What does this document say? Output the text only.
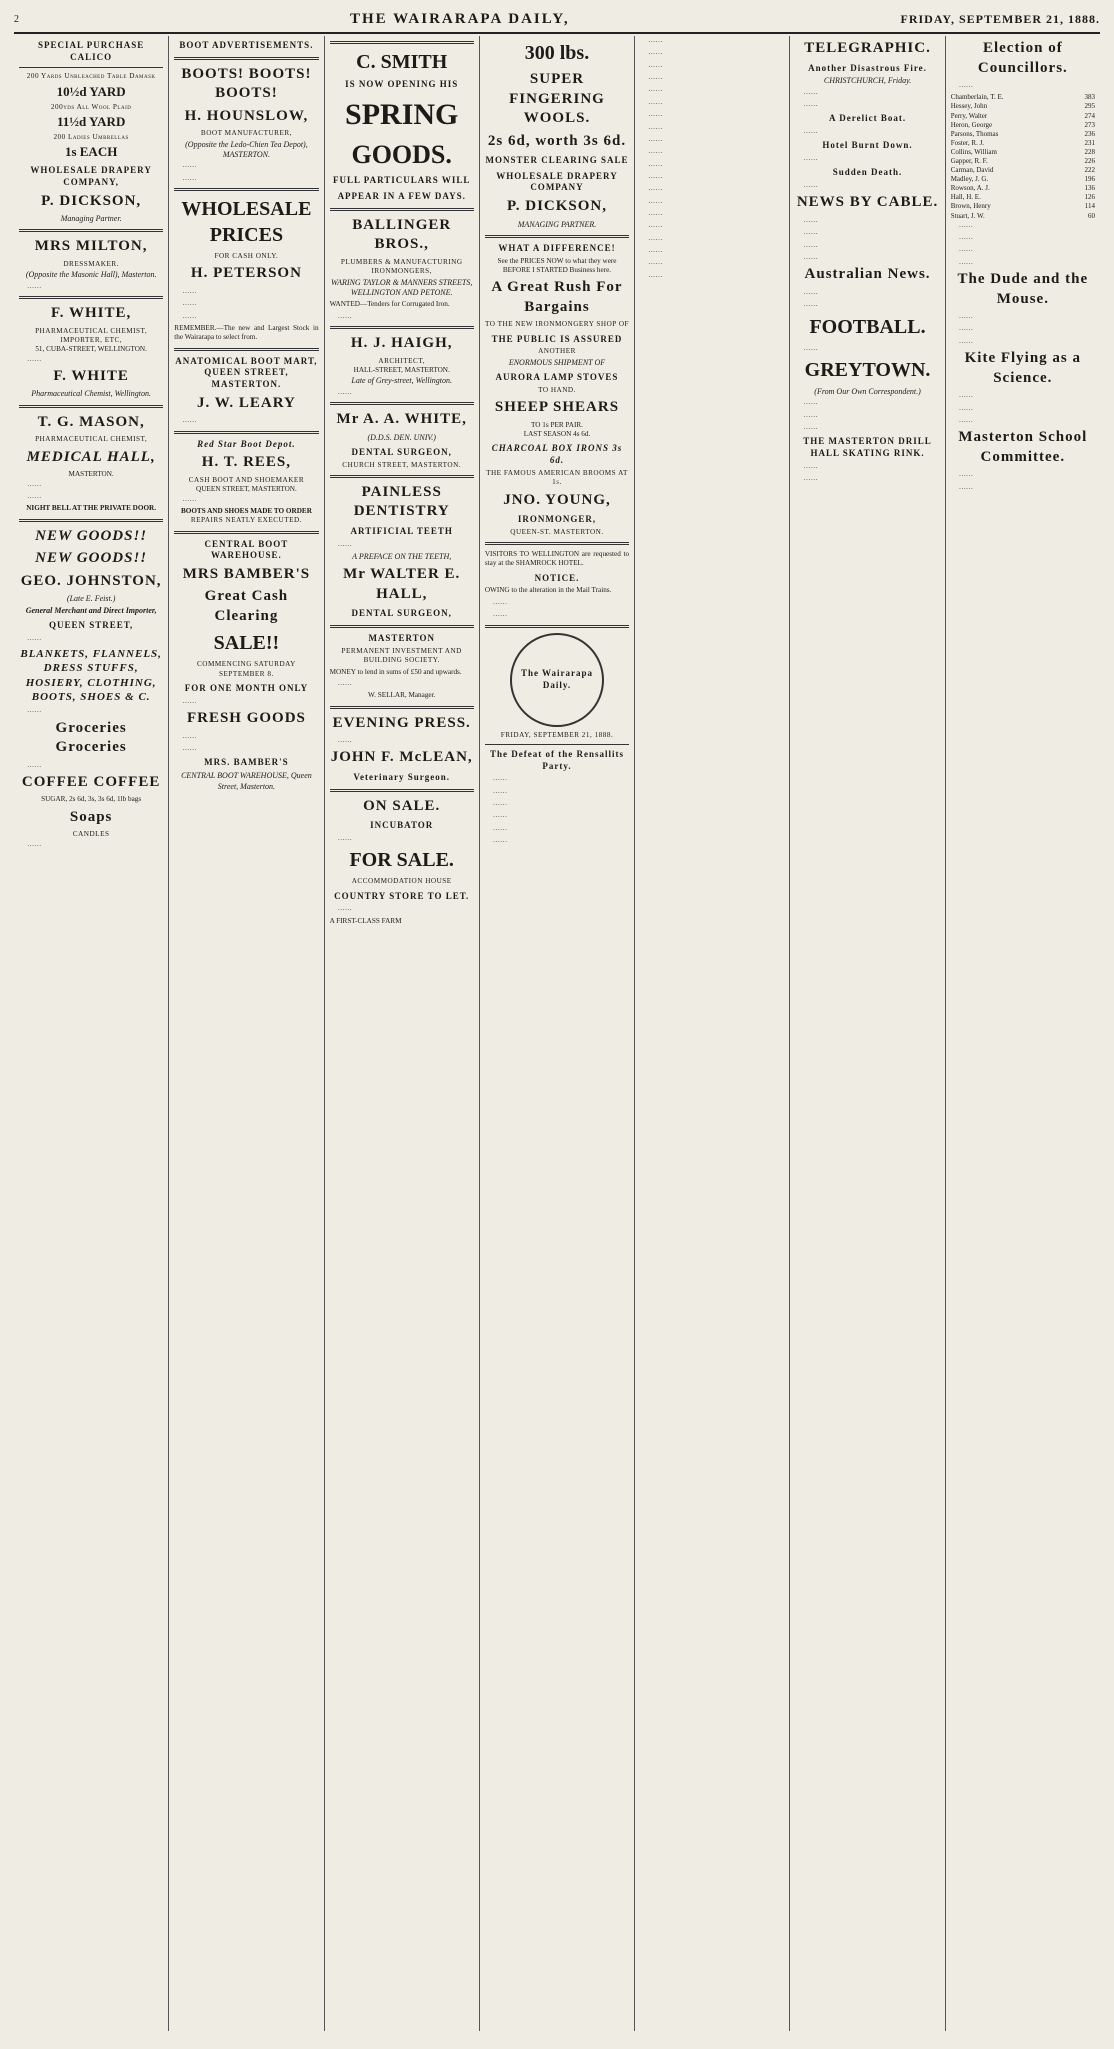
2	THE WAIRARAPA DAILY,	FRIDAY, SEPTEMBER 21, 1888.
SPECIAL PURCHASE CALICO
200 Yards Unbleached Table Damask
10½d YARD
200yds All Wool Plaid
11½d YARD
200 Ladies Umbrellas
1s EACH
WHOLESALE DRAPERY COMPANY,
P. DICKSON,
Managing Partner.
MRS MILTON,
DRESSMAKER.
(Opposite the Masonic Hall), Masterton.

……

F. WHITE,
PHARMACEUTICAL CHEMIST, IMPORTER, ETC,
51, CUBA-STREET, WELLINGTON.

……

F. WHITE
Pharmaceutical Chemist, Wellington.
T. G. MASON,
PHARMACEUTICAL CHEMIST,
MEDICAL HALL,
MASTERTON.

……

……

NIGHT BELL AT THE PRIVATE DOOR.
NEW GOODS!!
NEW GOODS!!
GEO. JOHNSTON,
(Late E. Feist.)
General Merchant and Direct Importer,
QUEEN STREET,

……

BLANKETS, FLANNELS, DRESS STUFFS, HOSIERY, CLOTHING, BOOTS, SHOES & C.

……

Groceries Groceries

……

COFFEE COFFEE
SUGAR, 2s 6d, 3s, 3s 6d, 1lb bags
Soaps
CANDLES

……

BOOT ADVERTISEMENTS.
BOOTS! BOOTS! BOOTS!
H. HOUNSLOW,
BOOT MANUFACTURER,
(Opposite the Ledo-Chien Tea Depot), MASTERTON.

……

……

WHOLESALE PRICES
FOR CASH ONLY.
H. PETERSON

……

……

……

REMEMBER.—The new and Largest Stock in the Wairarapa to select from.
ANATOMICAL BOOT MART, QUEEN STREET, MASTERTON.
J. W. LEARY

……

Red Star Boot Depot.
H. T. REES,
CASH BOOT AND SHOEMAKER
QUEEN STREET, MASTERTON.

……

BOOTS AND SHOES MADE TO ORDER
REPAIRS NEATLY EXECUTED.
CENTRAL BOOT WAREHOUSE.
MRS BAMBER'S
Great Cash Clearing
SALE!!
COMMENCING SATURDAY SEPTEMBER 8.
FOR ONE MONTH ONLY

……

FRESH GOODS

……

……

MRS. BAMBER'S
CENTRAL BOOT WAREHOUSE, Queen Street, Masterton.
C. SMITH
IS NOW OPENING HIS
SPRING
GOODS.
FULL PARTICULARS WILL
APPEAR IN A FEW DAYS.
BALLINGER BROS.,
PLUMBERS & MANUFACTURING IRONMONGERS,
WARING TAYLOR & MANNERS STREETS, WELLINGTON AND PETONE.
WANTED—Tenders for Corrugated Iron.

……

H. J. HAIGH,
ARCHITECT,
HALL-STREET, MASTERTON.
Late of Grey-street, Wellington.

……

Mr A. A. WHITE,
(D.D.S. DEN. UNIV.)
DENTAL SURGEON,
CHURCH STREET, MASTERTON.
PAINLESS DENTISTRY
ARTIFICIAL TEETH

……

A PREFACE ON THE TEETH,
Mr WALTER E. HALL,
DENTAL SURGEON,
MASTERTON
PERMANENT INVESTMENT AND BUILDING SOCIETY.
MONEY to lend in sums of £50 and upwards.

……

W. SELLAR, Manager.
EVENING PRESS.

……

JOHN F. McLEAN,
Veterinary Surgeon.
ON SALE.
INCUBATOR

……

FOR SALE.
ACCOMMODATION HOUSE
COUNTRY STORE TO LET.

……

A FIRST-CLASS FARM
300 lbs.
SUPER FINGERING WOOLS.
2s 6d, worth 3s 6d.
MONSTER CLEARING SALE
WHOLESALE DRAPERY COMPANY
P. DICKSON,
MANAGING PARTNER.
WHAT A DIFFERENCE!
See the PRICES NOW to what they were BEFORE I STARTED Business here.
A Great Rush For Bargains
TO THE NEW IRONMONGERY SHOP OF
THE PUBLIC IS ASSURED
ANOTHER
ENORMOUS SHIPMENT OF
AURORA LAMP STOVES
TO HAND.
SHEEP SHEARS
TO 1s PER PAIR.
LAST SEASON 4s 6d.
CHARCOAL BOX IRONS 3s 6d.
THE FAMOUS AMERICAN BROOMS AT 1s.
JNO. YOUNG,
IRONMONGER,
QUEEN-ST. MASTERTON.
VISITORS TO WELLINGTON are requested to stay at the SHAMROCK HOTEL.
NOTICE.
OWING to the alteration in the Mail Trains.

……

……

The Wairarapa Daily.
FRIDAY, SEPTEMBER 21, 1888.
The Defeat of the Rensallits Party.

……

……

……

……

……

……

……

……

……

……

……

……

……

……

……

……

……

……

……

……

……

……

……

……

……

……

TELEGRAPHIC.
Another Disastrous Fire.
CHRISTCHURCH, Friday.

……

……

A Derelict Boat.

……

Hotel Burnt Down.

……

Sudden Death.

……

NEWS BY CABLE.

……

……

……

……

Australian News.

……

……

FOOTBALL.

……

GREYTOWN.
(From Our Own Correspondent.)

……

……

……

THE MASTERTON DRILL HALL SKATING RINK.

……

……

Election of Councillors.

……

Chamberlain, T. E.	383
Hessey, John	295
Perry, Walter	274
Heron, George	273
Parsons, Thomas	236
Foster, R. J.	231
Collins, William	228
Gapper, R. F.	226
Carman, David	222
Madley, J. G.	196
Rowson, A. J.	136
Hall, H. E.	126
Brown, Henry	114
Stuart, J. W.	60

……

……

……

……

The Dude and the Mouse.

……

……

……

Kite Flying as a Science.

……

……

……

Masterton School Committee.

……

……
